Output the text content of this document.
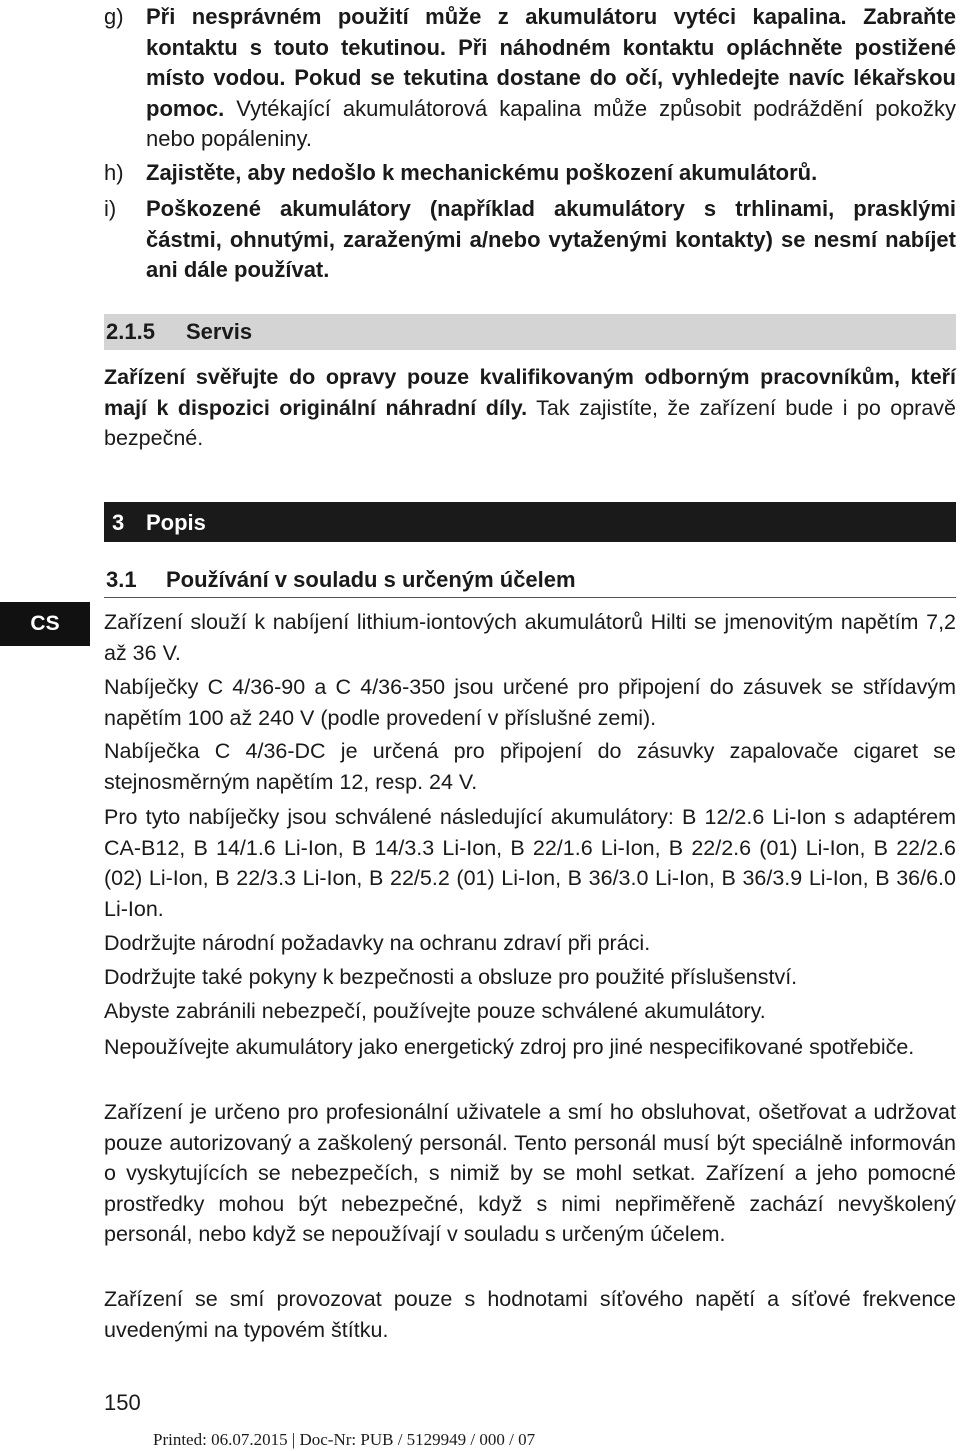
g)	Při nesprávném použití může z akumulátoru vytéci kapalina. Zabraňte kontaktu s touto tekutinou. Při náhodném kontaktu opláchněte postižené místo vodou. Pokud se tekutina dostane do očí, vyhledejte navíc lékařskou pomoc. Vytékající akumulátorová kapalina může způsobit podráždění pokožky nebo popáleniny.
h)	Zajistěte, aby nedošlo k mechanickému poškození akumulátorů.
i)	Poškozené akumulátory (například akumulátory s trhlinami, prasklými částmi, ohnutými, zaraženými a/nebo vytaženými kontakty) se nesmí nabíjet ani dále používat.
2.1.5 Servis
Zařízení svěřujte do opravy pouze kvalifikovaným odborným pracovníkům, kteří mají k dispozici originální náhradní díly. Tak zajistíte, že zařízení bude i po opravě bezpečné.
3 Popis
3.1 Používání v souladu s určeným účelem
CS	Zařízení slouží k nabíjení lithium-iontových akumulátorů Hilti se jmenovitým napětím 7,2 až 36 V.
Nabíječky C 4/36-90 a C 4/36-350 jsou určené pro připojení do zásuvek se střídavým napětím 100 až 240 V (podle provedení v příslušné zemi).
Nabíječka C 4/36-DC je určená pro připojení do zásuvky zapalovače cigaret se stejnosměrným napětím 12, resp. 24 V.
Pro tyto nabíječky jsou schválené následující akumulátory: B 12/2.6 Li-Ion s adaptérem CA-B12, B 14/1.6 Li-Ion, B 14/3.3 Li-Ion, B 22/1.6 Li-Ion, B 22/2.6 (01) Li-Ion, B 22/2.6 (02) Li-Ion, B 22/3.3 Li-Ion, B 22/5.2 (01) Li-Ion, B 36/3.0 Li-Ion, B 36/3.9 Li-Ion, B 36/6.0 Li-Ion.
Dodržujte národní požadavky na ochranu zdraví při práci.
Dodržujte také pokyny k bezpečnosti a obsluze pro použité příslušenství.
Abyste zabránili nebezpečí, používejte pouze schválené akumulátory.
Nepoužívejte akumulátory jako energetický zdroj pro jiné nespecifikované spotřebiče.
Zařízení je určeno pro profesionální uživatele a smí ho obsluhovat, ošetřovat a udržovat pouze autorizovaný a zaškolený personál. Tento personál musí být speciálně informován o vyskytujících se nebezpečích, s nimiž by se mohl setkat. Zařízení a jeho pomocné prostředky mohou být nebezpečné, když s nimi nepřiměřeně zachází nevyškolený personál, nebo když se nepoužívají v souladu s určeným účelem.
Zařízení se smí provozovat pouze s hodnotami síťového napětí a síťové frekvence uvedenými na typovém štítku.
150
Printed: 06.07.2015 | Doc-Nr: PUB / 5129949 / 000 / 07
